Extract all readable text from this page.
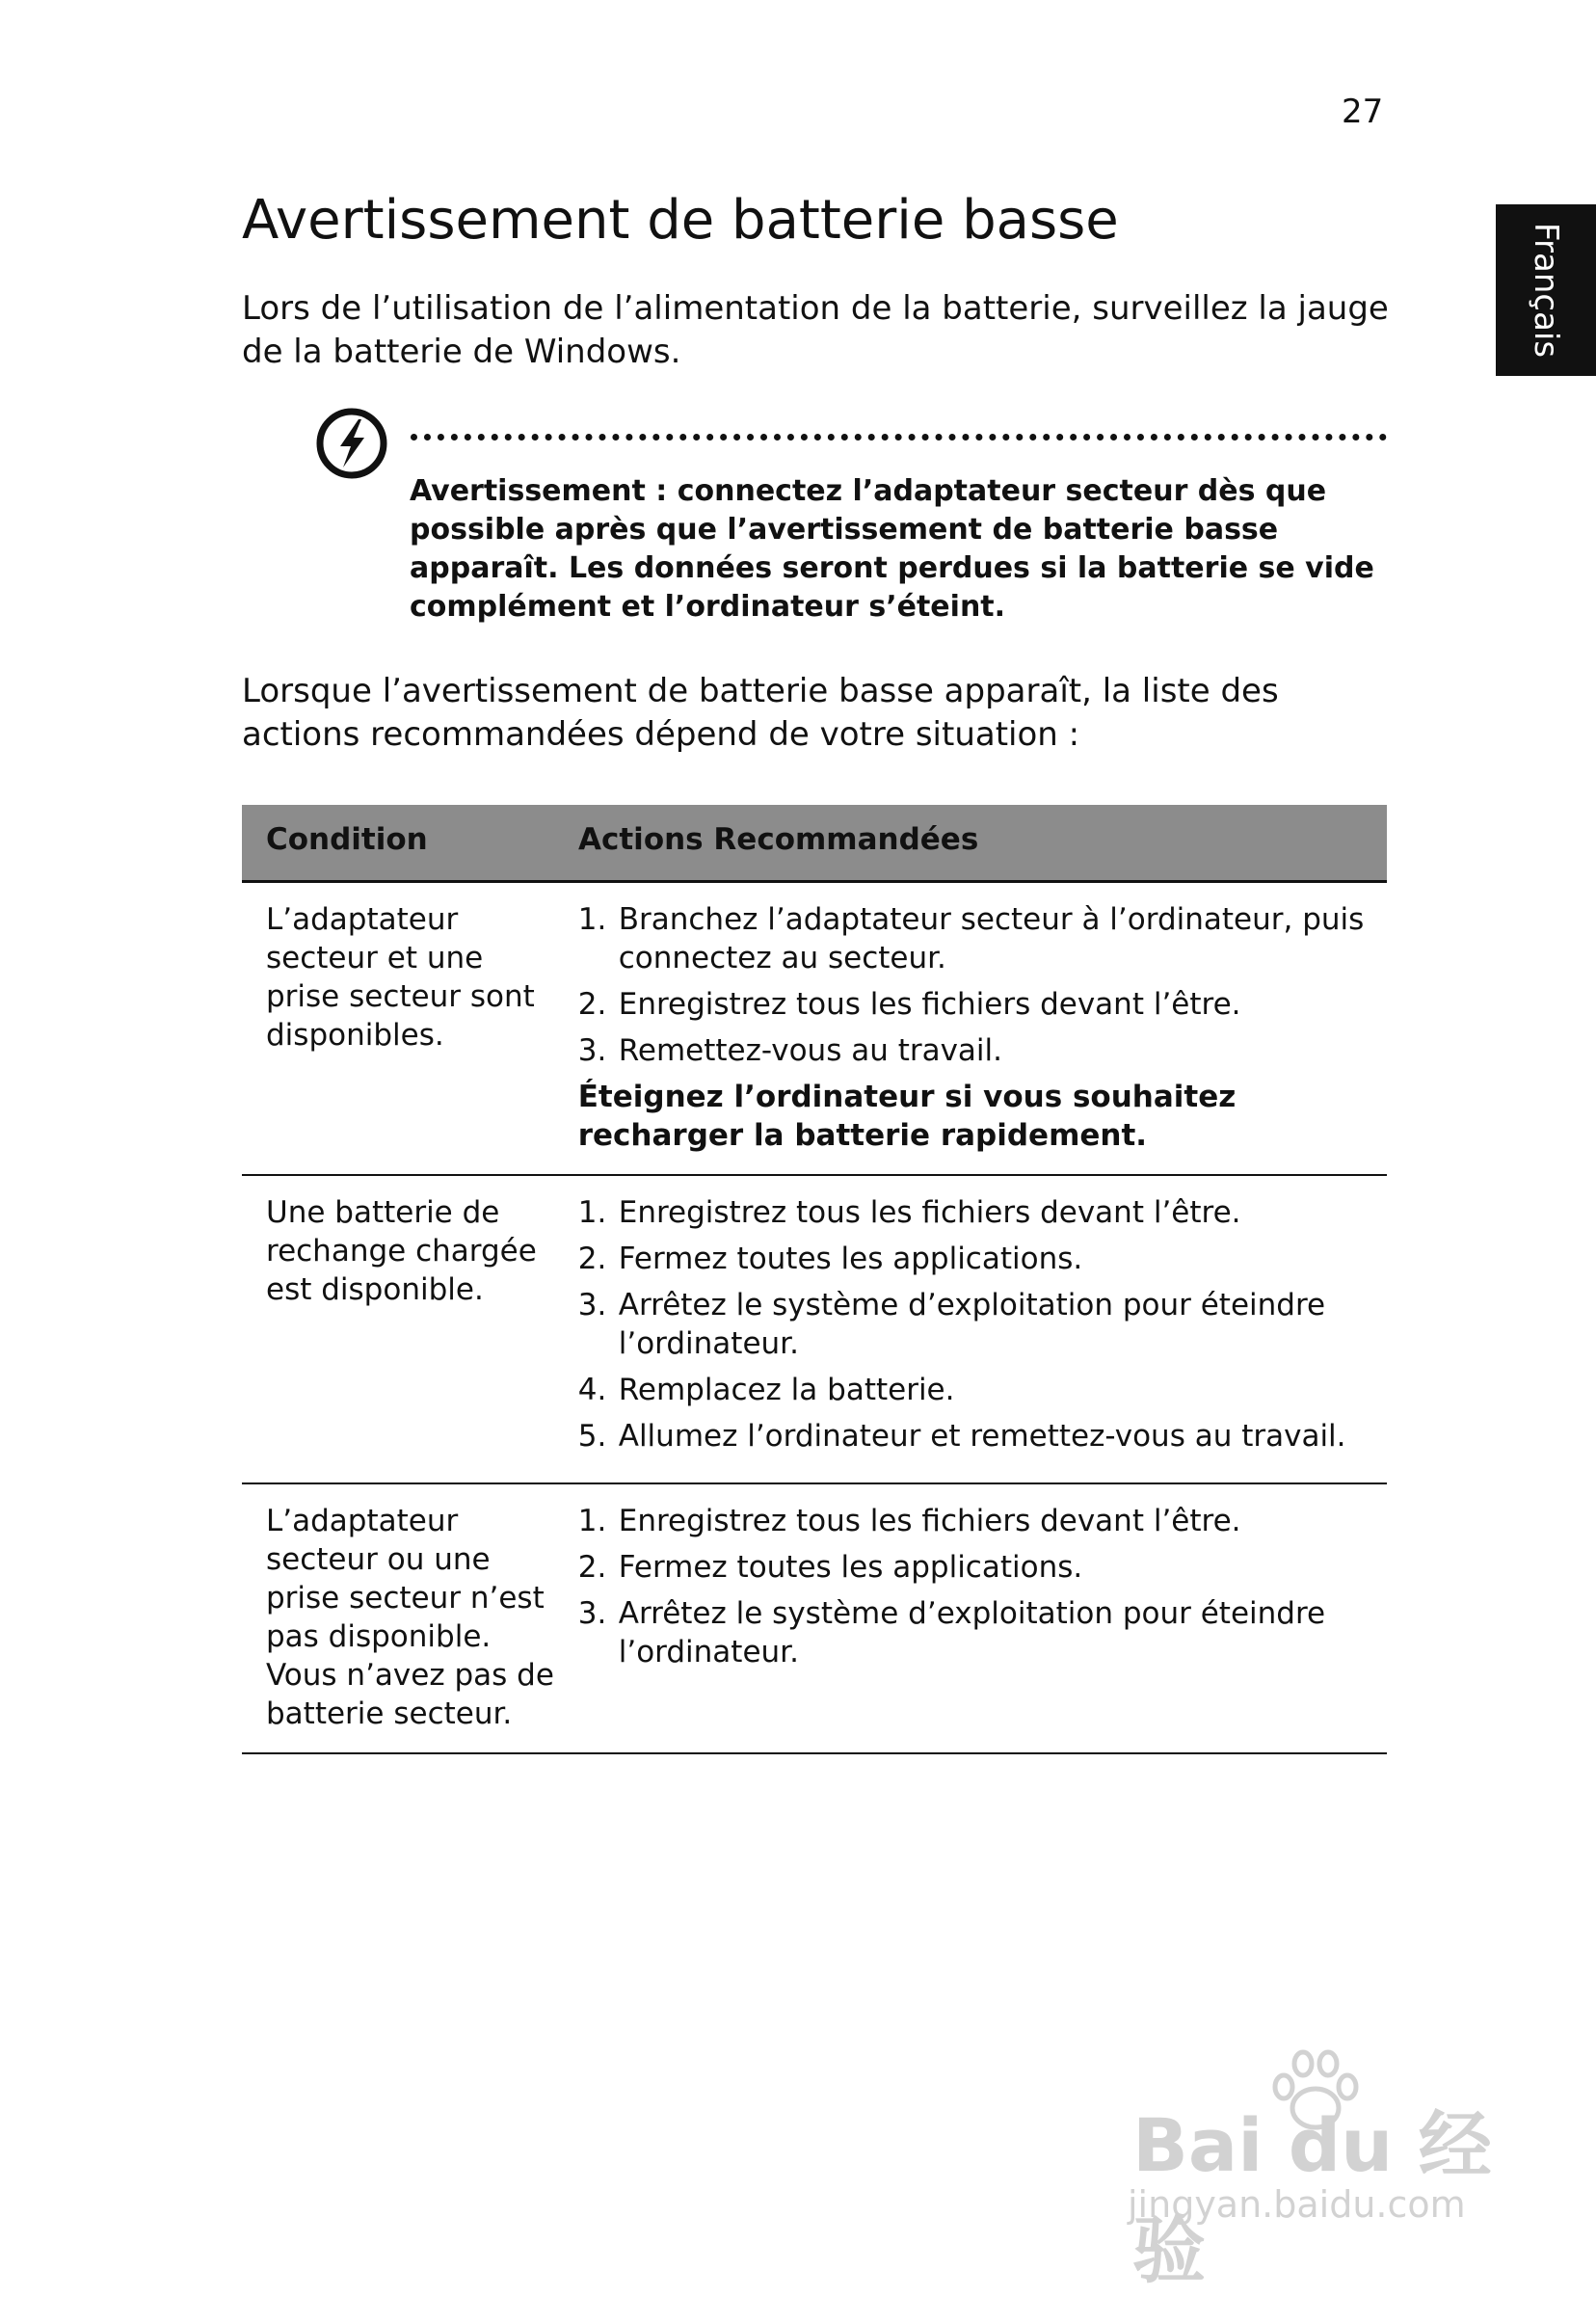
27
Français
Avertissement de batterie basse

Lors de l’utilisation de l’alimentation de la batterie, surveillez la jauge de la batterie de Windows.

Avertissement : connectez l’adaptateur secteur dès que possible après que l’avertissement de batterie basse apparaît. Les données seront perdues si la batterie se vide complément et l’ordinateur s’éteint.

Lorsque l’avertissement de batterie basse apparaît, la liste des actions recommandées dépend de votre situation :

Condition	Actions Recommandées
L’adaptateur secteur et une prise secteur sont disponibles.
1. Branchez l’adaptateur secteur à l’ordinateur, puis connectez au secteur.
2. Enregistrez tous les fichiers devant l’être.
3. Remettez-vous au travail.

Éteignez l’ordinateur si vous souhaitez recharger la batterie rapidement.

Une batterie de rechange chargée est disponible.
1. Enregistrez tous les fichiers devant l’être.
2. Fermez toutes les applications.
3. Arrêtez le système d’exploitation pour éteindre l’ordinateur.
4. Remplacez la batterie.
5. Allumez l’ordinateur et remettez-vous au travail.
L’adaptateur secteur ou une prise secteur n’est pas disponible. Vous n’avez pas de batterie secteur.
1. Enregistrez tous les fichiers devant l’être.
2. Fermez toutes les applications.
3. Arrêtez le système d’exploitation pour éteindre l’ordinateur.
Bai du 经验
jingyan.baidu.com
